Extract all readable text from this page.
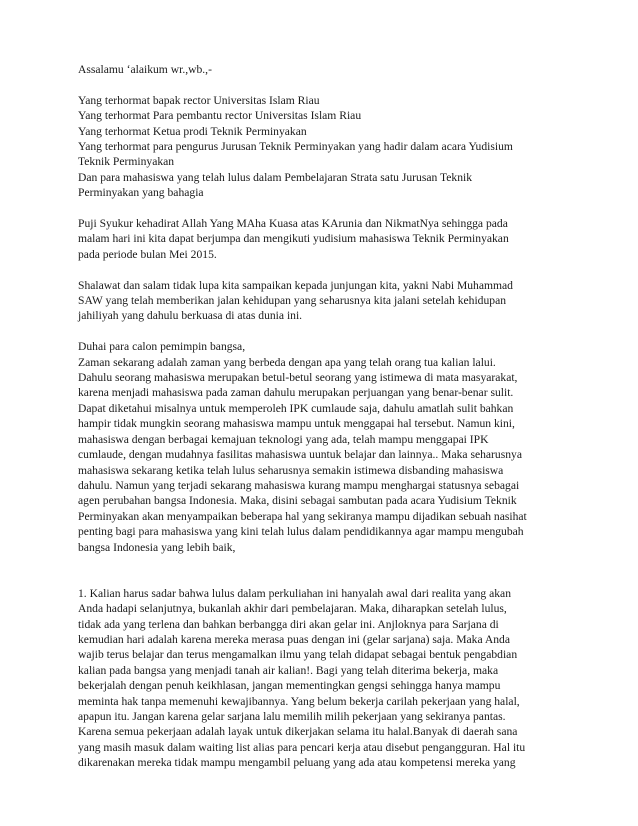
Assalamu ‘alaikum wr.,wb.,-

Yang terhormat bapak rector Universitas Islam Riau
Yang terhormat Para pembantu rector Universitas Islam Riau
Yang terhormat Ketua prodi Teknik Perminyakan
Yang terhormat para pengurus Jurusan Teknik Perminyakan yang hadir dalam acara Yudisium
Teknik Perminyakan
Dan para mahasiswa yang telah lulus dalam Pembelajaran Strata satu Jurusan Teknik
Perminyakan yang bahagia

Puji Syukur kehadirat Allah Yang MAha Kuasa atas KArunia dan NikmatNya sehingga pada
malam hari ini kita dapat berjumpa dan mengikuti yudisium mahasiswa Teknik Perminyakan
pada periode bulan Mei 2015.

Shalawat dan salam tidak lupa kita sampaikan kepada junjungan kita, yakni Nabi Muhammad
SAW yang telah memberikan jalan kehidupan yang seharusnya kita jalani setelah kehidupan
jahiliyah yang dahulu berkuasa di atas dunia ini.

Duhai para calon pemimpin bangsa,
Zaman sekarang adalah zaman yang berbeda dengan apa yang telah orang tua kalian lalui.
Dahulu seorang mahasiswa merupakan betul-betul seorang yang istimewa di mata masyarakat,
karena menjadi mahasiswa pada zaman dahulu merupakan perjuangan yang benar-benar sulit.
Dapat diketahui misalnya untuk memperoleh IPK cumlaude saja, dahulu amatlah sulit bahkan
hampir tidak mungkin seorang mahasiswa mampu untuk menggapai hal tersebut. Namun kini,
mahasiswa dengan berbagai kemajuan teknologi yang ada, telah mampu menggapai IPK
cumlaude, dengan mudahnya fasilitas mahasiswa uuntuk belajar dan lainnya.. Maka seharusnya
mahasiswa sekarang ketika telah lulus seharusnya semakin istimewa disbanding mahasiswa
dahulu. Namun yang terjadi sekarang mahasiswa kurang mampu menghargai statusnya sebagai
agen perubahan bangsa Indonesia. Maka, disini sebagai sambutan pada acara Yudisium Teknik
Perminyakan akan menyampaikan beberapa hal yang sekiranya mampu dijadikan sebuah nasihat
penting bagi para mahasiswa yang kini telah lulus dalam pendidikannya agar mampu mengubah
bangsa Indonesia yang lebih baik,

1. Kalian harus sadar bahwa lulus dalam perkuliahan ini hanyalah awal dari realita yang akan
Anda hadapi selanjutnya, bukanlah akhir dari pembelajaran. Maka, diharapkan setelah lulus,
tidak ada yang terlena dan bahkan berbangga diri akan gelar ini. Anjloknya para Sarjana di
kemudian hari adalah karena mereka merasa puas dengan ini (gelar sarjana) saja. Maka Anda
wajib terus belajar dan terus mengamalkan ilmu yang telah didapat sebagai bentuk pengabdian
kalian pada bangsa yang menjadi tanah air kalian!. Bagi yang telah diterima bekerja, maka
bekerjalah dengan penuh keikhlasan, jangan mementingkan gengsi sehingga hanya mampu
meminta hak tanpa memenuhi kewajibannya. Yang belum bekerja carilah pekerjaan yang halal,
apapun itu. Jangan karena gelar sarjana lalu memilih milih pekerjaan yang sekiranya pantas.
Karena semua pekerjaan adalah layak untuk dikerjakan selama itu halal.Banyak di daerah sana
yang masih masuk dalam waiting list alias para pencari kerja atau disebut pengangguran. Hal itu
dikarenakan mereka tidak mampu mengambil peluang yang ada atau kompetensi mereka yang
